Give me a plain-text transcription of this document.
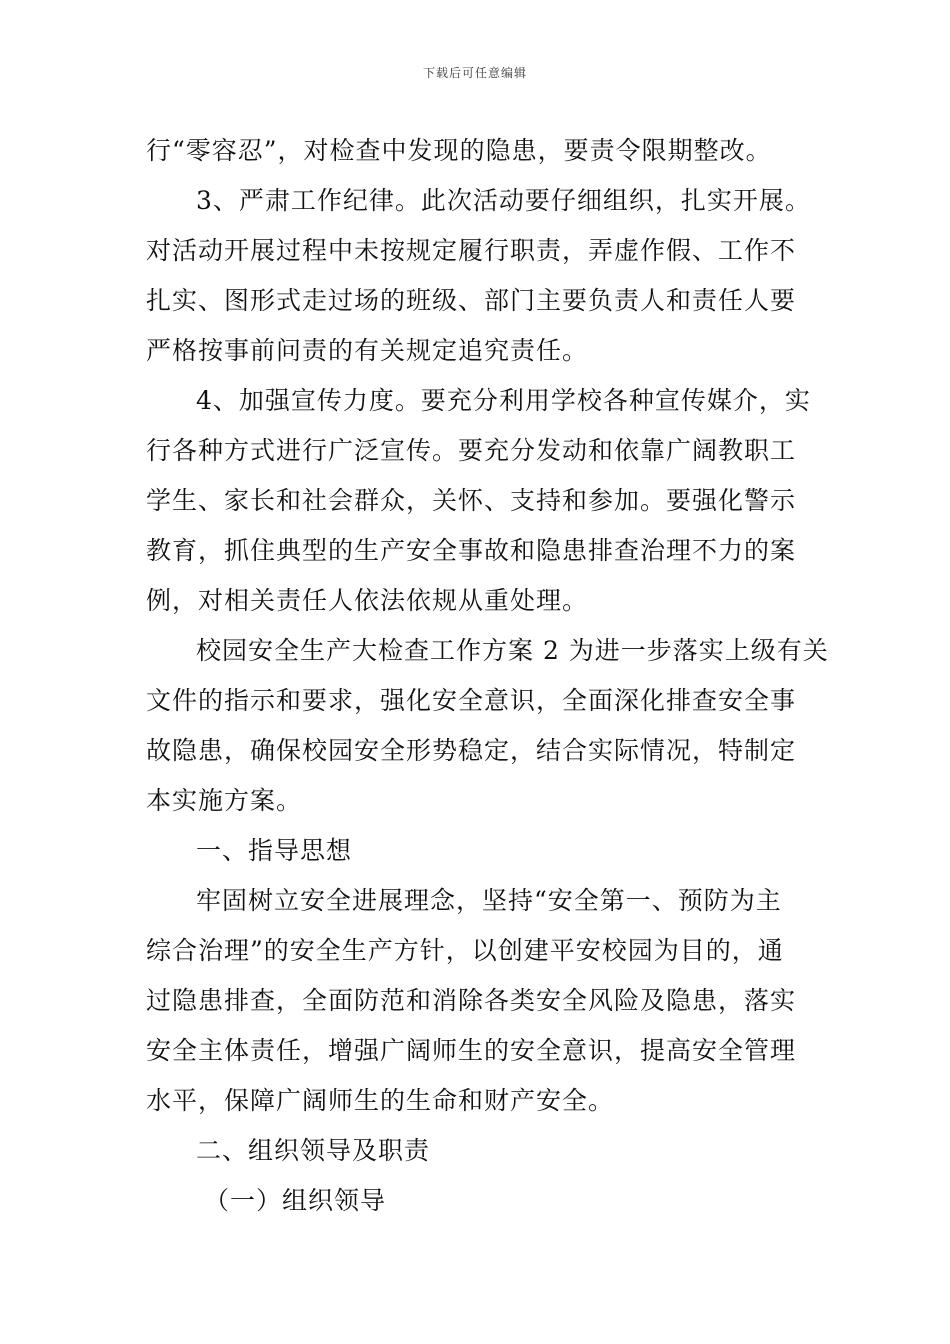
下载后可任意编辑
行“零容忍”，对检查中发现的隐患，要责令限期整改。
3、严肃工作纪律。此次活动要仔细组织，扎实开展。
对活动开展过程中未按规定履行职责，弄虚作假、工作不
扎实、图形式走过场的班级、部门主要负责人和责任人要
严格按事前问责的有关规定追究责任。
4、加强宣传力度。要充分利用学校各种宣传媒介，实
行各种方式进行广泛宣传。要充分发动和依靠广阔教职工
学生、家长和社会群众，关怀、支持和参加。要强化警示
教育，抓住典型的生产安全事故和隐患排查治理不力的案
例，对相关责任人依法依规从重处理。
校园安全生产大检查工作方案 2 为进一步落实上级有关
文件的指示和要求，强化安全意识，全面深化排查安全事
故隐患，确保校园安全形势稳定，结合实际情况，特制定
本实施方案。
一、指导思想
牢固树立安全进展理念，坚持“安全第一、预防为主
综合治理”的安全生产方针，以创建平安校园为目的，通
过隐患排查，全面防范和消除各类安全风险及隐患，落实
安全主体责任，增强广阔师生的安全意识，提高安全管理
水平，保障广阔师生的生命和财产安全。
二、组织领导及职责
（一）组织领导
